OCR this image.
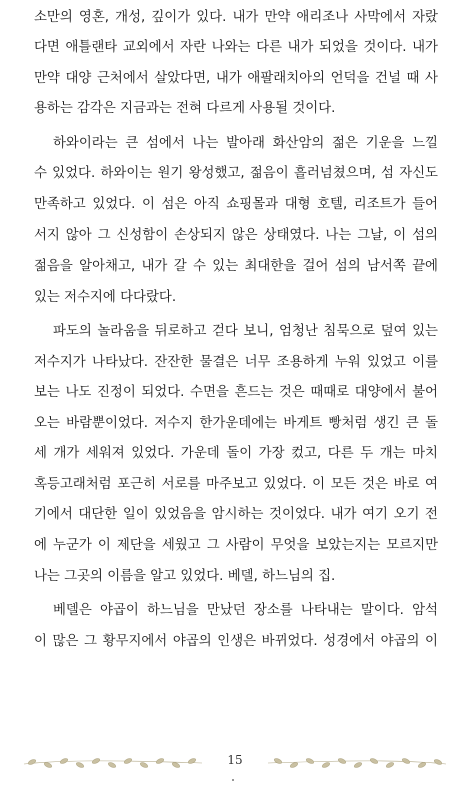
소만의 영혼, 개성, 깊이가 있다. 내가 만약 애리조나 사막에서 자랐
다면 애틀랜타 교외에서 자란 나와는 다른 내가 되었을 것이다. 내가
만약 대양 근처에서 살았다면, 내가 애팔래치아의 언덕을 건널 때 사
용하는 감각은 지금과는 전혀 다르게 사용될 것이다.
하와이라는 큰 섬에서 나는 발아래 화산암의 젊은 기운을 느낄
수 있었다. 하와이는 원기 왕성했고, 젊음이 흘러넘쳤으며, 섬 자신도
만족하고 있었다. 이 섬은 아직 쇼핑몰과 대형 호텔, 리조트가 들어
서지 않아 그 신성함이 손상되지 않은 상태였다. 나는 그날, 이 섬의
젊음을 알아채고, 내가 갈 수 있는 최대한을 걸어 섬의 남서쪽 끝에
있는 저수지에 다다랐다.
파도의 놀라움을 뒤로하고 걷다 보니, 엄청난 침묵으로 덮여 있는
저수지가 나타났다. 잔잔한 물결은 너무 조용하게 누워 있었고 이를
보는 나도 진정이 되었다. 수면을 흔드는 것은 때때로 대양에서 불어
오는 바람뿐이었다. 저수지 한가운데에는 바게트 빵처럼 생긴 큰 돌
세 개가 세워져 있었다. 가운데 돌이 가장 컸고, 다른 두 개는 마치
혹등고래처럼 포근히 서로를 마주보고 있었다. 이 모든 것은 바로 여
기에서 대단한 일이 있었음을 암시하는 것이었다. 내가 여기 오기 전
에 누군가 이 제단을 세웠고 그 사람이 무엇을 보았는지는 모르지만
나는 그곳의 이름을 알고 있었다. 베델, 하느님의 집.
베델은 야곱이 하느님을 만났던 장소를 나타내는 말이다. 암석
이 많은 그 황무지에서 야곱의 인생은 바뀌었다. 성경에서 야곱의 이
15
